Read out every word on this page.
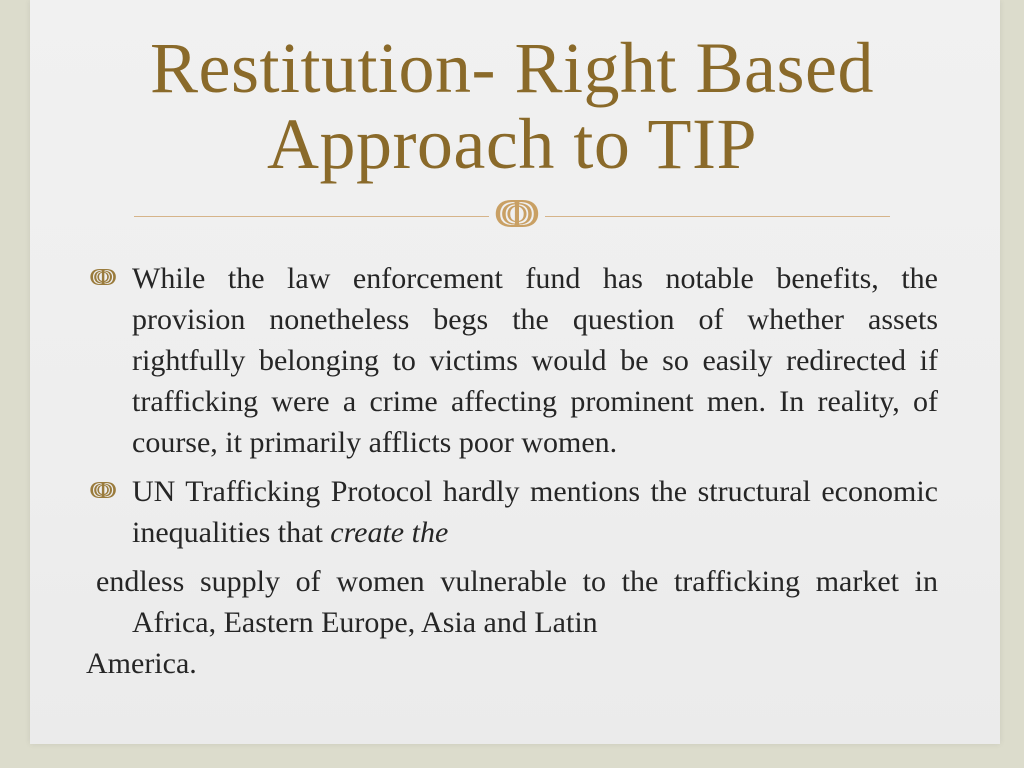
Restitution- Right Based
Approach to TIP
ↈ
ↈ While the law enforcement fund has notable benefits, the provision nonetheless begs the question of whether assets rightfully belonging to victims would be so easily redirected if trafficking were a crime affecting prominent men. In reality, of course, it primarily afflicts poor women.
ↈ UN Trafficking Protocol hardly mentions the structural economic inequalities that create the
endless supply of women vulnerable to the trafficking market in Africa, Eastern Europe, Asia and Latin
America.
